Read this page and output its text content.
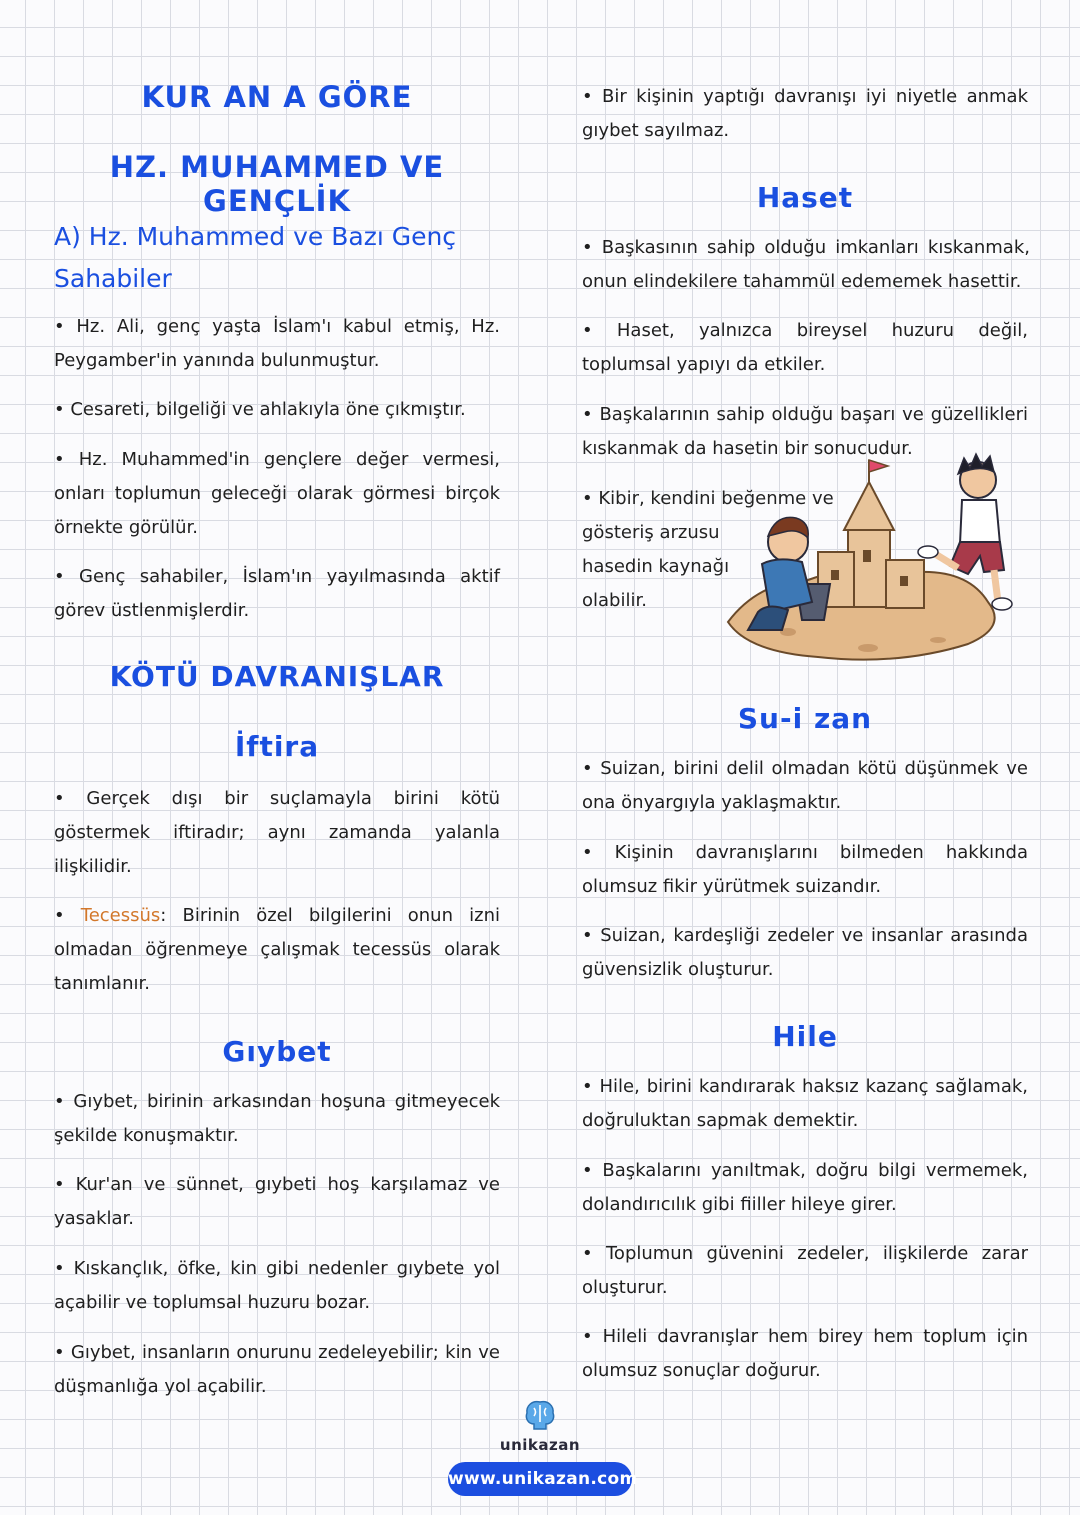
KUR AN A GÖRE
HZ. MUHAMMED VE GENÇLİK
A) Hz. Muhammed ve Bazı Genç
Sahabiler

• Hz. Ali, genç yaşta İslam'ı kabul etmiş, Hz. Peygamber'in yanında bulunmuştur.

• Cesareti, bilgeliği ve ahlakıyla öne çıkmıştır.

• Hz. Muhammed'in gençlere değer vermesi, onları toplumun geleceği olarak görmesi birçok örnekte görülür.

• Genç sahabiler, İslam'ın yayılmasında aktif görev üstlenmişlerdir.

KÖTÜ DAVRANIŞLAR
İftira

• Gerçek dışı bir suçlamayla birini kötü göstermek iftiradır; aynı zamanda yalanla ilişkilidir.

• Tecessüs: Birinin özel bilgilerini onun izni olmadan öğrenmeye çalışmak tecessüs olarak tanımlanır.

Gıybet

• Gıybet, birinin arkasından hoşuna gitmeyecek şekilde konuşmaktır.

• Kur'an ve sünnet, gıybeti hoş karşılamaz ve yasaklar.

• Kıskançlık, öfke, kin gibi nedenler gıybete yol açabilir ve toplumsal huzuru bozar.

• Gıybet, insanların onurunu zedeleyebilir; kin ve düşmanlığa yol açabilir.

• Bir kişinin yaptığı davranışı iyi niyetle anmak gıybet sayılmaz.

Haset

• Başkasının sahip olduğu imkanları kıskanmak, onun elindekilere tahammül edememek hasettir.

• Haset, yalnızca bireysel huzuru değil, toplumsal yapıyı da etkiler.

• Başkalarının sahip olduğu başarı ve güzellikleri kıskanmak da hasetin bir sonucudur.

• Kibir, kendini beğenme ve
gösteriş arzusu
hasedin kaynağı
olabilir.
Su-i zan

• Suizan, birini delil olmadan kötü düşünmek ve ona önyargıyla yaklaşmaktır.

• Kişinin davranışlarını bilmeden hakkında olumsuz fikir yürütmek suizandır.

• Suizan, kardeşliği zedeler ve insanlar arasında güvensizlik oluşturur.

Hile

• Hile, birini kandırarak haksız kazanç sağlamak, doğruluktan sapmak demektir.

• Başkalarını yanıltmak, doğru bilgi vermemek, dolandırıcılık gibi fiiller hileye girer.

• Toplumun güvenini zedeler, ilişkilerde zarar oluşturur.

• Hileli davranışlar hem birey hem toplum için olumsuz sonuçlar doğurur.

unikazan
www.unikazan.com
